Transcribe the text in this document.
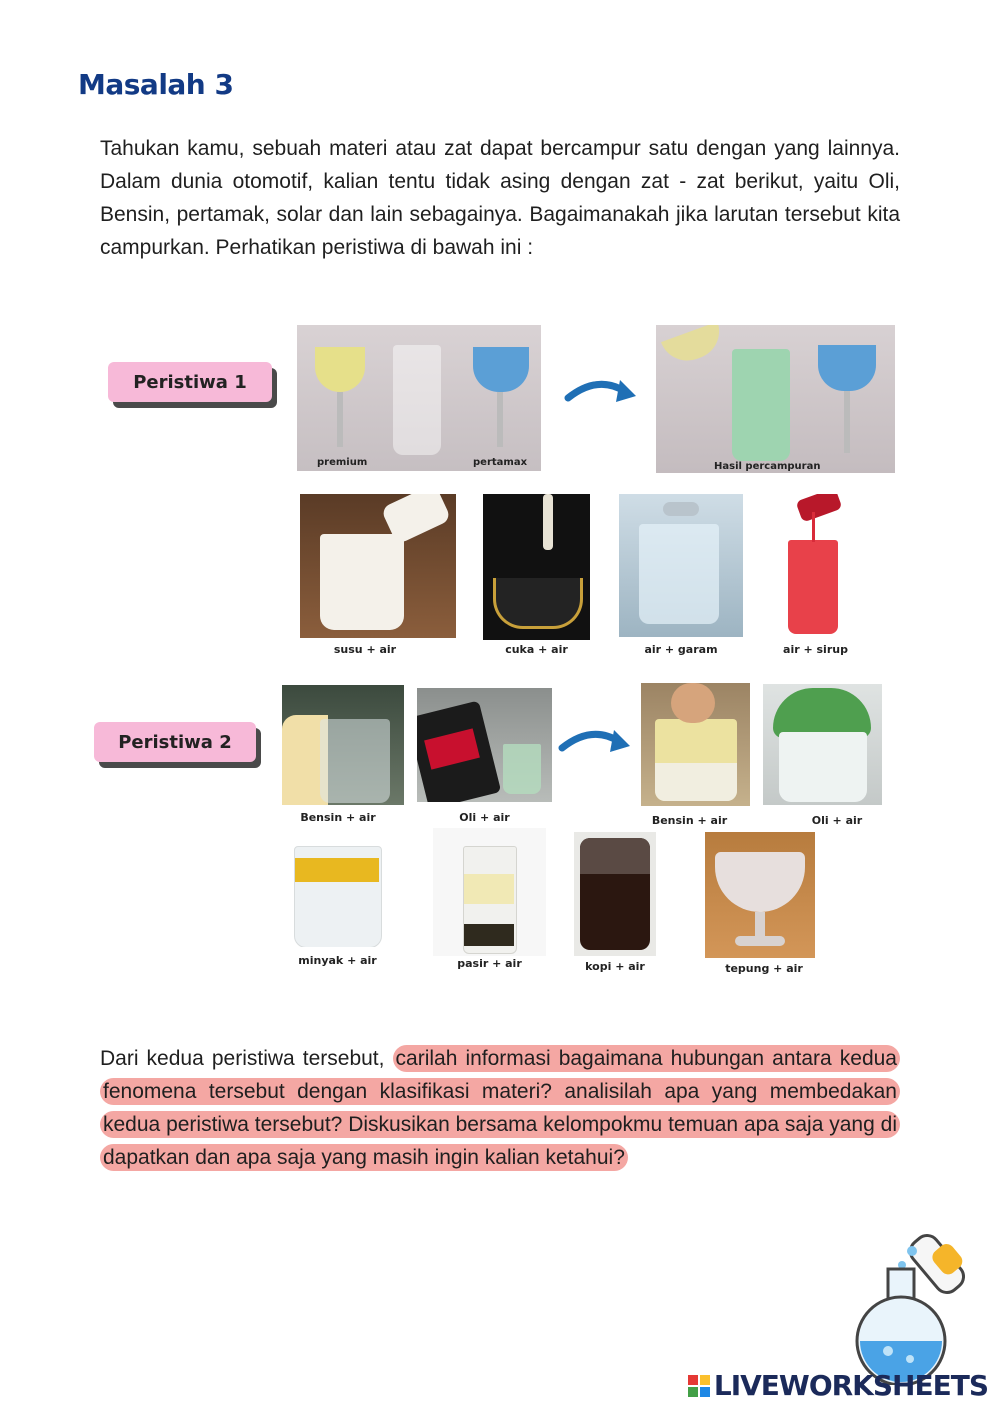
Masalah 3
Tahukan kamu, sebuah materi atau zat dapat bercampur satu dengan yang lainnya. Dalam dunia otomotif, kalian tentu tidak asing dengan zat - zat berikut, yaitu Oli, Bensin, pertamak, solar dan lain sebagainya. Bagaimanakah jika larutan tersebut kita campurkan. Perhatikan peristiwa di bawah ini :
Peristiwa 1
premium	pertamax	Hasil percampuran
susu + air	cuka + air	air + garam	air + sirup
Peristiwa 2
Bensin + air	Oli + air	Bensin + air	Oli + air
minyak + air	pasir + air	kopi + air	tepung + air
Dari kedua peristiwa tersebut, carilah informasi bagaimana hubungan antara kedua fenomena tersebut dengan klasifikasi materi? analisilah apa yang membedakan kedua peristiwa tersebut? Diskusikan bersama kelompokmu temuan apa saja yang di dapatkan dan apa saja yang masih ingin kalian ketahui?
LIVEWORKSHEETS
